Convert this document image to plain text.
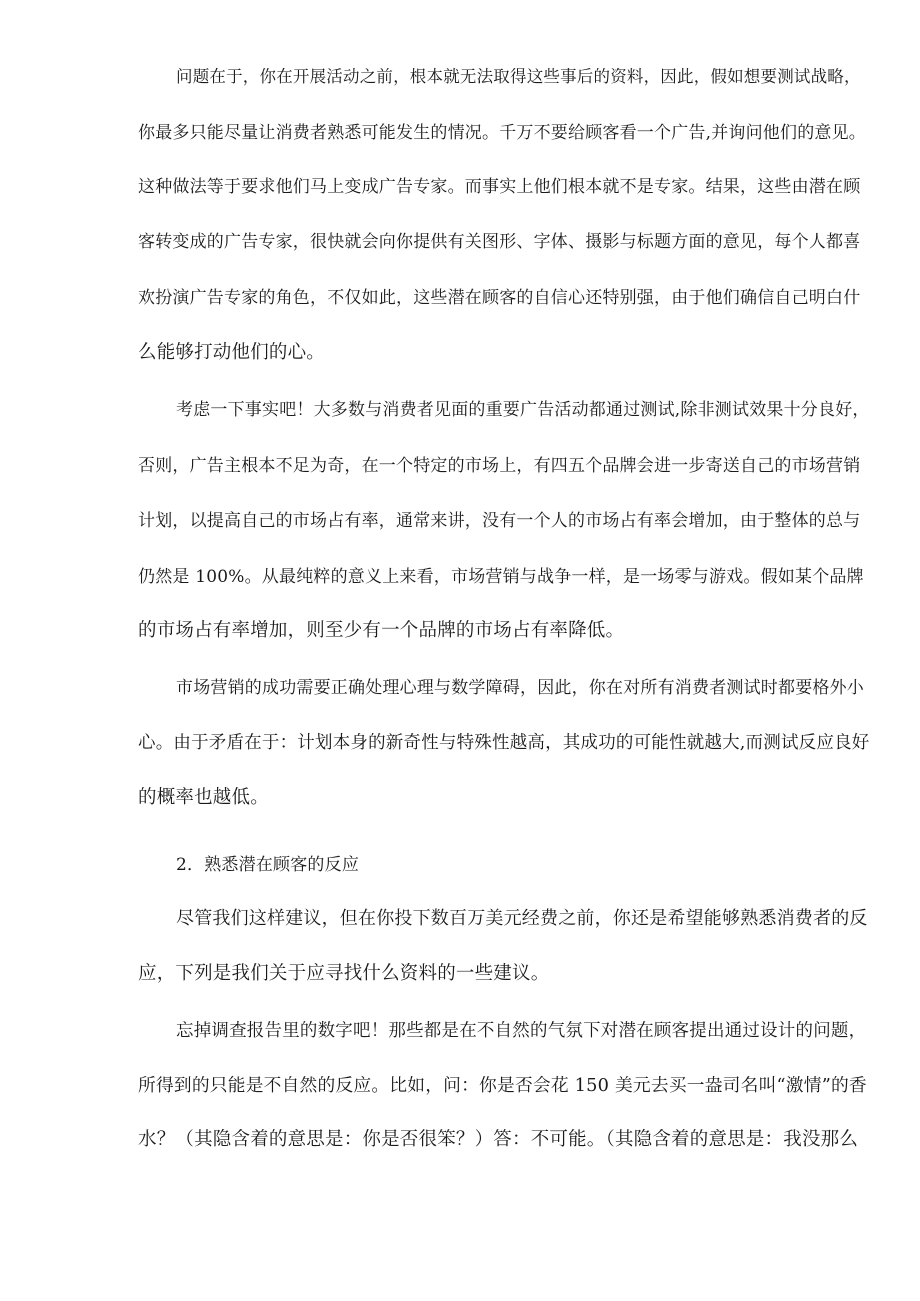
问题在于，你在开展活动之前，根本就无法取得这些事后的资料，因此，假如想要测试战略，
你最多只能尽量让消费者熟悉可能发生的情况。千万不要给顾客看一个广告,并询问他们的意见。
这种做法等于要求他们马上变成广告专家。而事实上他们根本就不是专家。结果，这些由潜在顾
客转变成的广告专家，很快就会向你提供有关图形、字体、摄影与标题方面的意见，每个人都喜
欢扮演广告专家的角色，不仅如此，这些潜在顾客的自信心还特别强，由于他们确信自己明白什
么能够打动他们的心。
考虑一下事实吧！大多数与消费者见面的重要广告活动都通过测试,除非测试效果十分良好，
否则，广告主根本不足为奇，在一个特定的市场上，有四五个品牌会进一步寄送自己的市场营销
计划，以提高自己的市场占有率，通常来讲，没有一个人的市场占有率会增加，由于整体的总与
仍然是 100%。从最纯粹的意义上来看，市场营销与战争一样，是一场零与游戏。假如某个品牌
的市场占有率增加，则至少有一个品牌的市场占有率降低。
市场营销的成功需要正确处理心理与数学障碍，因此，你在对所有消费者测试时都要格外小
心。由于矛盾在于：计划本身的新奇性与特殊性越高，其成功的可能性就越大,而测试反应良好
的概率也越低。
2．熟悉潜在顾客的反应
尽管我们这样建议，但在你投下数百万美元经费之前，你还是希望能够熟悉消费者的反
应，下列是我们关于应寻找什么资料的一些建议。
忘掉调查报告里的数字吧！那些都是在不自然的气氛下对潜在顾客提出通过设计的问题，
所得到的只能是不自然的反应。比如，问：你是否会花 150 美元去买一盎司名叫“激情”的香
水？（其隐含着的意思是：你是否很笨？）答：不可能。（其隐含着的意思是：我没那么
